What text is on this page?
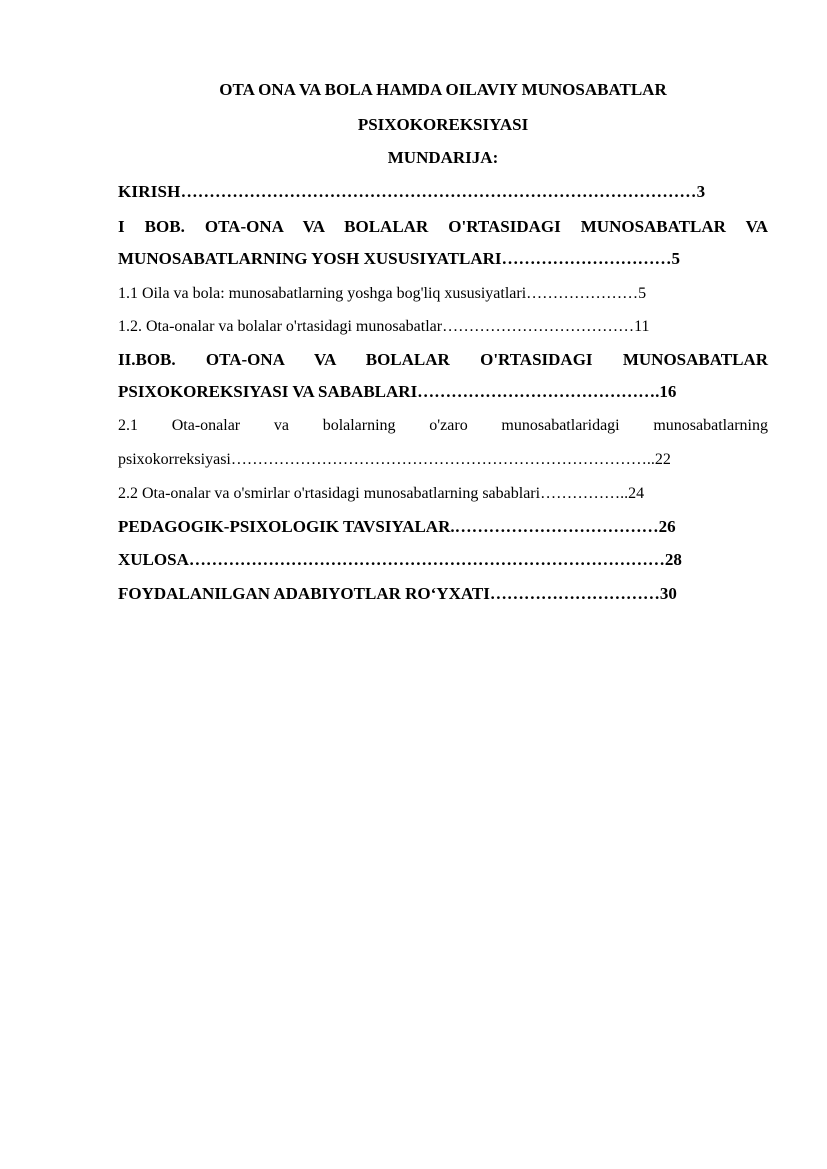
OTA ONA VA BOLA HAMDA OILAVIY MUNOSABATLAR
PSIXOKOREKSIYASI
MUNDARIJA:
KIRISH………………………………………………………………………………3
I BOB. OTA-ONA VA BOLALAR O'RTASIDAGI MUNOSABATLAR VA
MUNOSABATLARNING YOSH XUSUSIYATLARI…………………………5
1.1 Oila va bola: munosabatlarning yoshga bog'liq xususiyatlari…………………5
1.2. Ota-onalar va bolalar o'rtasidagi munosabatlar………………………………11
II.BOB. OTA-ONA VA BOLALAR O'RTASIDAGI MUNOSABATLAR
PSIXOKOREKSIYASI VA SABABLARI…………………………………….16
2.1 Ota-onalar va bolalarning o'zaro munosabatlaridagi munosabatlarning
psixokorreksiyasi……………………………………………………………………..22
2.2 Ota-onalar va o'smirlar o'rtasidagi munosabatlarning sabablari……………..24
PEDAGOGIK-PSIXOLOGIK TAVSIYALAR.………………………………26
XULOSA…………………………………………………………………………28
FOYDALANILGAN ADABIYOTLAR RO‘YXATI…………………………30
